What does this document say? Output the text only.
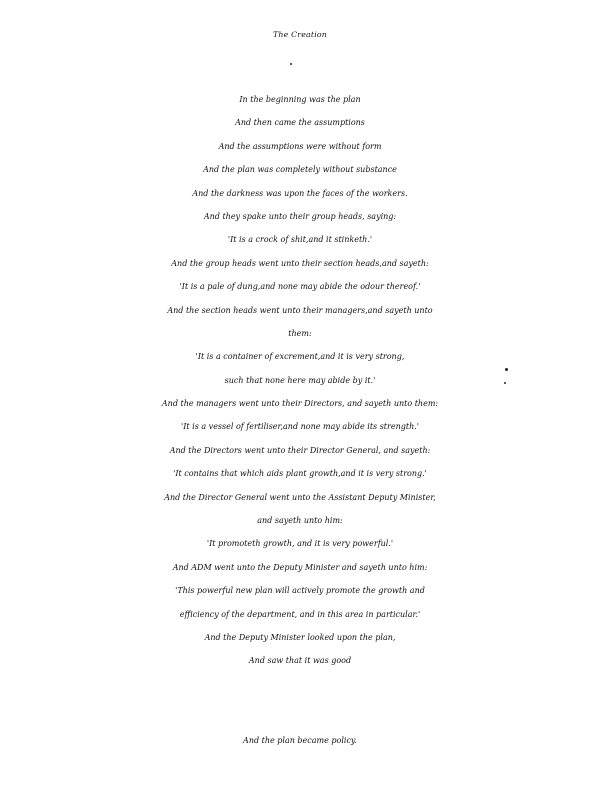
The Creation
In the beginning was the plan
And then came the assumptions
And the assumptions were without form
And the plan was completely without substance
And the darkness was upon the faces of the workers.
And they spake unto their group heads, saying:
'It is a crock of shit,and it stinketh.'
And the group heads went unto their section heads,and sayeth:
'It is a pale of dung,and none may abide the odour thereof.'
And the section heads went unto their managers,and sayeth unto
them:
'It is a container of excrement,and it is very strong,
such that none here may abide by it.'
And the managers went unto their Directors, and sayeth unto them:
'It is a vessel of fertiliser,and none may abide its strength.'
And the Directors went unto their Director General, and sayeth:
'It contains that which aids plant growth,and it is very strong.'
And the Director General went unto the Assistant Deputy Minister,
and sayeth unto him:
'It promoteth growth, and it is very powerful.'
And ADM went unto the Deputy Minister and sayeth unto him:
'This powerful new plan will actively promote the growth and
efficiency of the department, and in this area in particular.'
And the Deputy Minister looked upon the plan,
And saw that it was good
And the plan became policy.
